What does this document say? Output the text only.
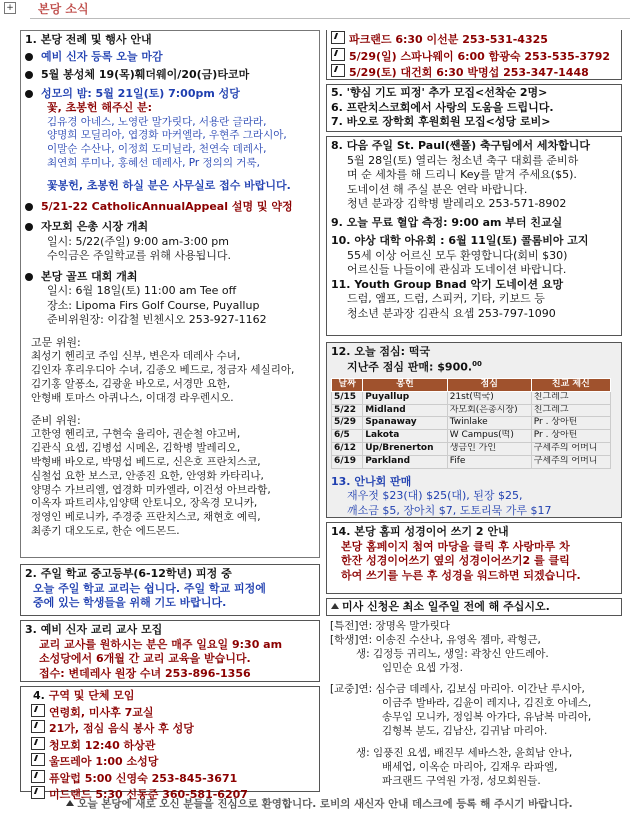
+ 본당 소식
1. 본당 전례 및 행사 안내
예비 신자 등록 오늘 마감
5월 봉성체 19(목)훼더웨이/20(금)타코마
성모의 밤: 5월 21일(토) 7:00pm 성당
꽃, 초봉헌 해주신 분:
김유경 아네스, 노영란 말가릿다, 서용란 글라라,
양명희 모딜리아, 엽경화 마커엘라, 우현주 그라시아,
이말순 수산나, 이정희 도미닐라, 천연숙 데레사,
최연희 루미나, 홍혜선 데레사, Pr 정의의 거룩,
꽃봉헌, 초봉헌 하실 분은 사무실로 접수 바랍니다.
5/21-22 CatholicAnnualAppeal 설명 및 약정
자모회 은총 시장 개최
일시: 5/22(주일) 9:00 am-3:00 pm
수익금은 주일학교를 위해 사용됩니다.
본당 골프 대회 개최
일시: 6월 18일(토) 11:00 am Tee off
장소: Lipoma Firs Golf Course, Puyallup
준비위원장: 이갑철 빈첸시오 253-927-1162
고문 위원:
최성기 헨리코 주임 신부, 변은자 데레사 수녀,
김인자 후리우디아 수녀, 김종오 베드로, 정금자 세실리아,
김기홍 알퐁소, 김광윤 바오로, 서경만 요한,
안형배 토마스 아퀴나스, 이대경 라우렌시오.
준비 위원:
고한영 헨리코, 구현숙 율리아, 권순철 야고버,
김관식 요셉, 김병섭 시메온, 김학병 발레리오,
박형배 바오로, 박명섭 베드로, 신은호 프란치스코,
심철섭 요한 보스코, 안종진 요한, 안영화 카타리나,
양명수 가브리엘, 엽경화 미카엘라, 이건성 아브라함,
이옥자 파트리샤,임양택 안토니오, 장옥경 모니카,
정영인 베로니카, 주경중 프란치스코, 채현호 예릭,
최종기 대오도로, 한순 에드몬드.
2. 주일 학교 중고등부(6-12학년) 피정 중
오늘 주일 학교 교리는 쉽니다. 주일 학교 피정에
중에 있는 학생들을 위해 기도 바랍니다.
3. 예비 신자 교리 교사 모집
교리 교사를 원하시는 분은 매주 일요일 9:30 am
소성당에서 6개월 간 교리 교육을 받습니다.
접수: 변데레사 원장 수녀 253-896-1356
4. 구역 및 단체 모임
연령회, 미사후 7교실
21가, 점심 음식 봉사 후 성당
청모회 12:40 하상관
울뜨레아 1:00 소성당
퓨알럽 5:00 신영숙 253-845-3671
미드랜드 5:30 신동준 360-581-6207
파크랜드 6:30 이선분 253-531-4325
5/29(일) 스파나웨이 6:00 함광숙 253-535-3792
5/29(토) 대건회 6:30 박명섭 253-347-1448
5. '향심 기도 피정' 추가 모집<선착순 2명>
6. 프란치스코회에서 사랑의 도움을 드립니다.
7. 바오로 장학회 후원회원 모집<성당 로비>
8. 다음 주일 St. Paul(쌘폴) 축구팀에서 세차합니다
5월 28일(토) 열리는 청소년 축구 대회를 준비하
며 순 세차를 해 드리니 Key를 맡겨 주세요($5).
도네이션 해 주실 분은 연락 바랍니다.
청년 분과장 김학병 발레리오 253-571-8902
9. 오늘 무료 혈압 측정: 9:00 am 부터 친교실
10. 야상 대학 아유회 : 6월 11일(토) 콜롬비아 고지
55세 이상 어르신 모두 환영합니다(회비 $30)
어르신들 나들이에 관심과 도네이션 바랍니다.
11. Youth Group Bnad 악기 도네이션 요망
드럼, 앰프, 드럼, 스피커, 기타, 키보드 등
청소년 분과장 김관식 요셉 253-797-1090
12. 오늘 점심: 떡국
지난주 점심 판매: $900.00
날짜	봉헌	점심	친교 제신
5/15	Puyallup	21st(떡국)	친그레그
5/22	Midland	자모회(은총시장)	친그레그
5/29	Spanaway	Twinlake	Pr . 상아틴
6/5	Lakota	W Campus(떡)	Pr . 상아틴
6/12	Up/Brenerton	생금인 가인	구세주의 어머니
6/19	Parkland	Fife	구세주의 어머니
13. 안나회 판매
재우젓 $23(대) $25(대), 된장 $25,
깨소금 $5, 장아치 $7, 도토리묵 가루 $17
14. 본당 홈피 성경이어 쓰기 2 안내
본당 홈페이지 첨여 마당을 클릭 후 사랑마루 차
한잔 성경이어쓰기 옆의 성경이어쓰기2 를 클릭
하여 쓰기를 누른 후 성경을 워드하면 되겠습니다.
미사 신청은 최소 일주일 전에 해 주십시오.
[특전]연: 장명옥 말가릿다
[학생]연: 이송진 수산나, 유영옥 젬마, 곽형근,
생: 김정등 귀리노, 생일: 곽창신 안드레아.
임민순 요셉 가정.
[교중]연: 심수금 데레사, 김보심 마리아. 이간난 루시아,
이금주 발바라, 김윤이 레지나, 김진호 아네스,
송무임 모니카, 정임복 아가다, 유남복 마리아,
김형복 분도, 김남산, 김귀남 마리아.
생: 임풍진 요셉, 배진무 세바스찬, 윤희남 안나,
배세업, 이옥순 마리아, 김재우 라파엘,
파크랜드 구역원 가정, 성모회원들.
오늘 본당에 새로 오신 분들을 진심으로 환영합니다. 로비의 새신자 안내 데스크에 등록 해 주시기 바랍니다.
